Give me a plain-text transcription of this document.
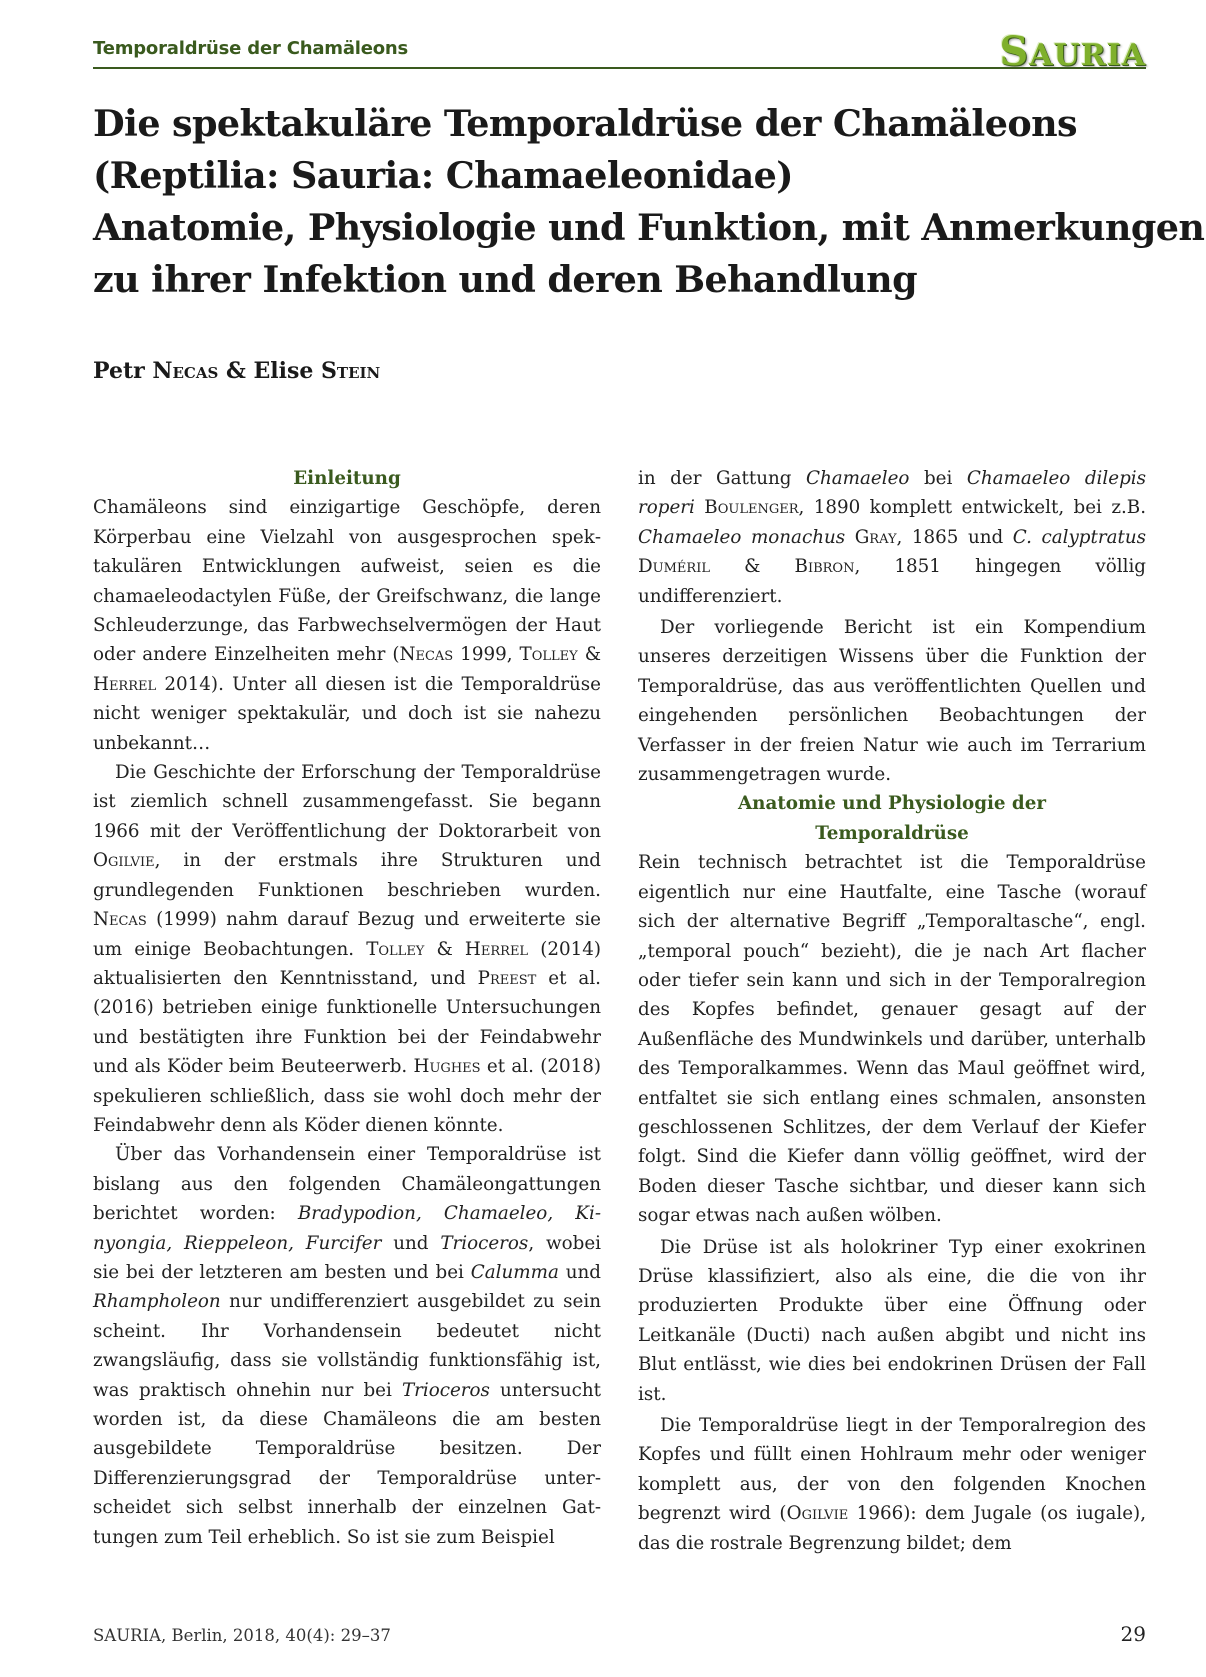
Temporaldrüse der Chamäleons	SAURIA
Die spektakuläre Temporaldrüse der Chamäleons
(Reptilia: Sauria: Chamaeleonidae)
Anatomie, Physiologie und Funktion, mit Anmerkungen
zu ihrer Infektion und deren Behandlung
Petr Necas & Elise Stein

Einleitung

Chamäleons sind einzigartige Geschöpfe, deren Körperbau eine Vielzahl von ausgesprochen spektakulären Entwicklungen aufweist, seien es die chamaeleodactylen Füße, der Greifschwanz, die lange Schleuderzunge, das Farbwechselvermögen der Haut oder andere Einzelheiten mehr (Necas 1999, Tolley & Herrel 2014). Unter all diesen ist die Temporaldrüse nicht weniger spektakulär, und doch ist sie nahezu unbekannt…

Die Geschichte der Erforschung der Temporaldrüse ist ziemlich schnell zusammengefasst. Sie begann 1966 mit der Veröffentlichung der Doktorarbeit von Ogilvie, in der erstmals ihre Strukturen und grundlegenden Funktionen beschrieben wurden. Necas (1999) nahm darauf Bezug und erweiterte sie um einige Beobachtungen. Tolley & Herrel (2014) aktualisierten den Kenntnisstand, und Preest et al. (2016) betrieben einige funktionelle Untersuchungen und bestätigten ihre Funktion bei der Feindabwehr und als Köder beim Beuteerwerb. Hughes et al. (2018) spekulieren schließlich, dass sie wohl doch mehr der Feindabwehr denn als Köder dienen könnte.

Über das Vorhandensein einer Temporaldrüse ist bislang aus den folgenden Chamäleongattungen berichtet worden: Bradypodion, Chamaeleo, Kinyongia, Rieppeleon, Furcifer und Trioceros, wobei sie bei der letzteren am besten und bei Calumma und Rhampholeon nur undifferenziert ausgebildet zu sein scheint. Ihr Vorhandensein bedeutet nicht zwangsläufig, dass sie vollständig funktionsfähig ist, was praktisch ohnehin nur bei Trioceros untersucht worden ist, da diese Chamäleons die am besten ausgebildete Temporaldrüse besitzen. Der Differenzierungsgrad der Temporaldrüse unterscheidet sich selbst innerhalb der einzelnen Gattungen zum Teil erheblich. So ist sie zum Beispiel

in der Gattung Chamaeleo bei Chamaeleo dilepis roperi Boulenger, 1890 komplett entwickelt, bei z.B. Chamaeleo monachus Gray, 1865 und C. calyptratus Duméril & Bibron, 1851 hingegen völlig undifferenziert.

Der vorliegende Bericht ist ein Kompendium unseres derzeitigen Wissens über die Funktion der Temporaldrüse, das aus veröffentlichten Quellen und eingehenden persönlichen Beobachtungen der Verfasser in der freien Natur wie auch im Terrarium zusammengetragen wurde.

Anatomie und Physiologie der
Temporaldrüse

Rein technisch betrachtet ist die Temporaldrüse eigentlich nur eine Hautfalte, eine Tasche (worauf sich der alternative Begriff „Temporaltasche“, engl. „temporal pouch“ bezieht), die je nach Art flacher oder tiefer sein kann und sich in der Temporalregion des Kopfes befindet, genauer gesagt auf der Außenfläche des Mundwinkels und darüber, unterhalb des Temporalkammes. Wenn das Maul geöffnet wird, entfaltet sie sich entlang eines schmalen, ansonsten geschlossenen Schlitzes, der dem Verlauf der Kiefer folgt. Sind die Kiefer dann völlig geöffnet, wird der Boden dieser Tasche sichtbar, und dieser kann sich sogar etwas nach außen wölben.

Die Drüse ist als holokriner Typ einer exokrinen Drüse klassifiziert, also als eine, die die von ihr produzierten Produkte über eine Öffnung oder Leitkanäle (Ducti) nach außen abgibt und nicht ins Blut entlässt, wie dies bei endokrinen Drüsen der Fall ist.

Die Temporaldrüse liegt in der Temporalregion des Kopfes und füllt einen Hohlraum mehr oder weniger komplett aus, der von den folgenden Knochen begrenzt wird (Ogilvie 1966): dem Jugale (os iugale), das die rostrale Begrenzung bildet; dem

SAURIA, Berlin, 2018, 40(4): 29–37	29
